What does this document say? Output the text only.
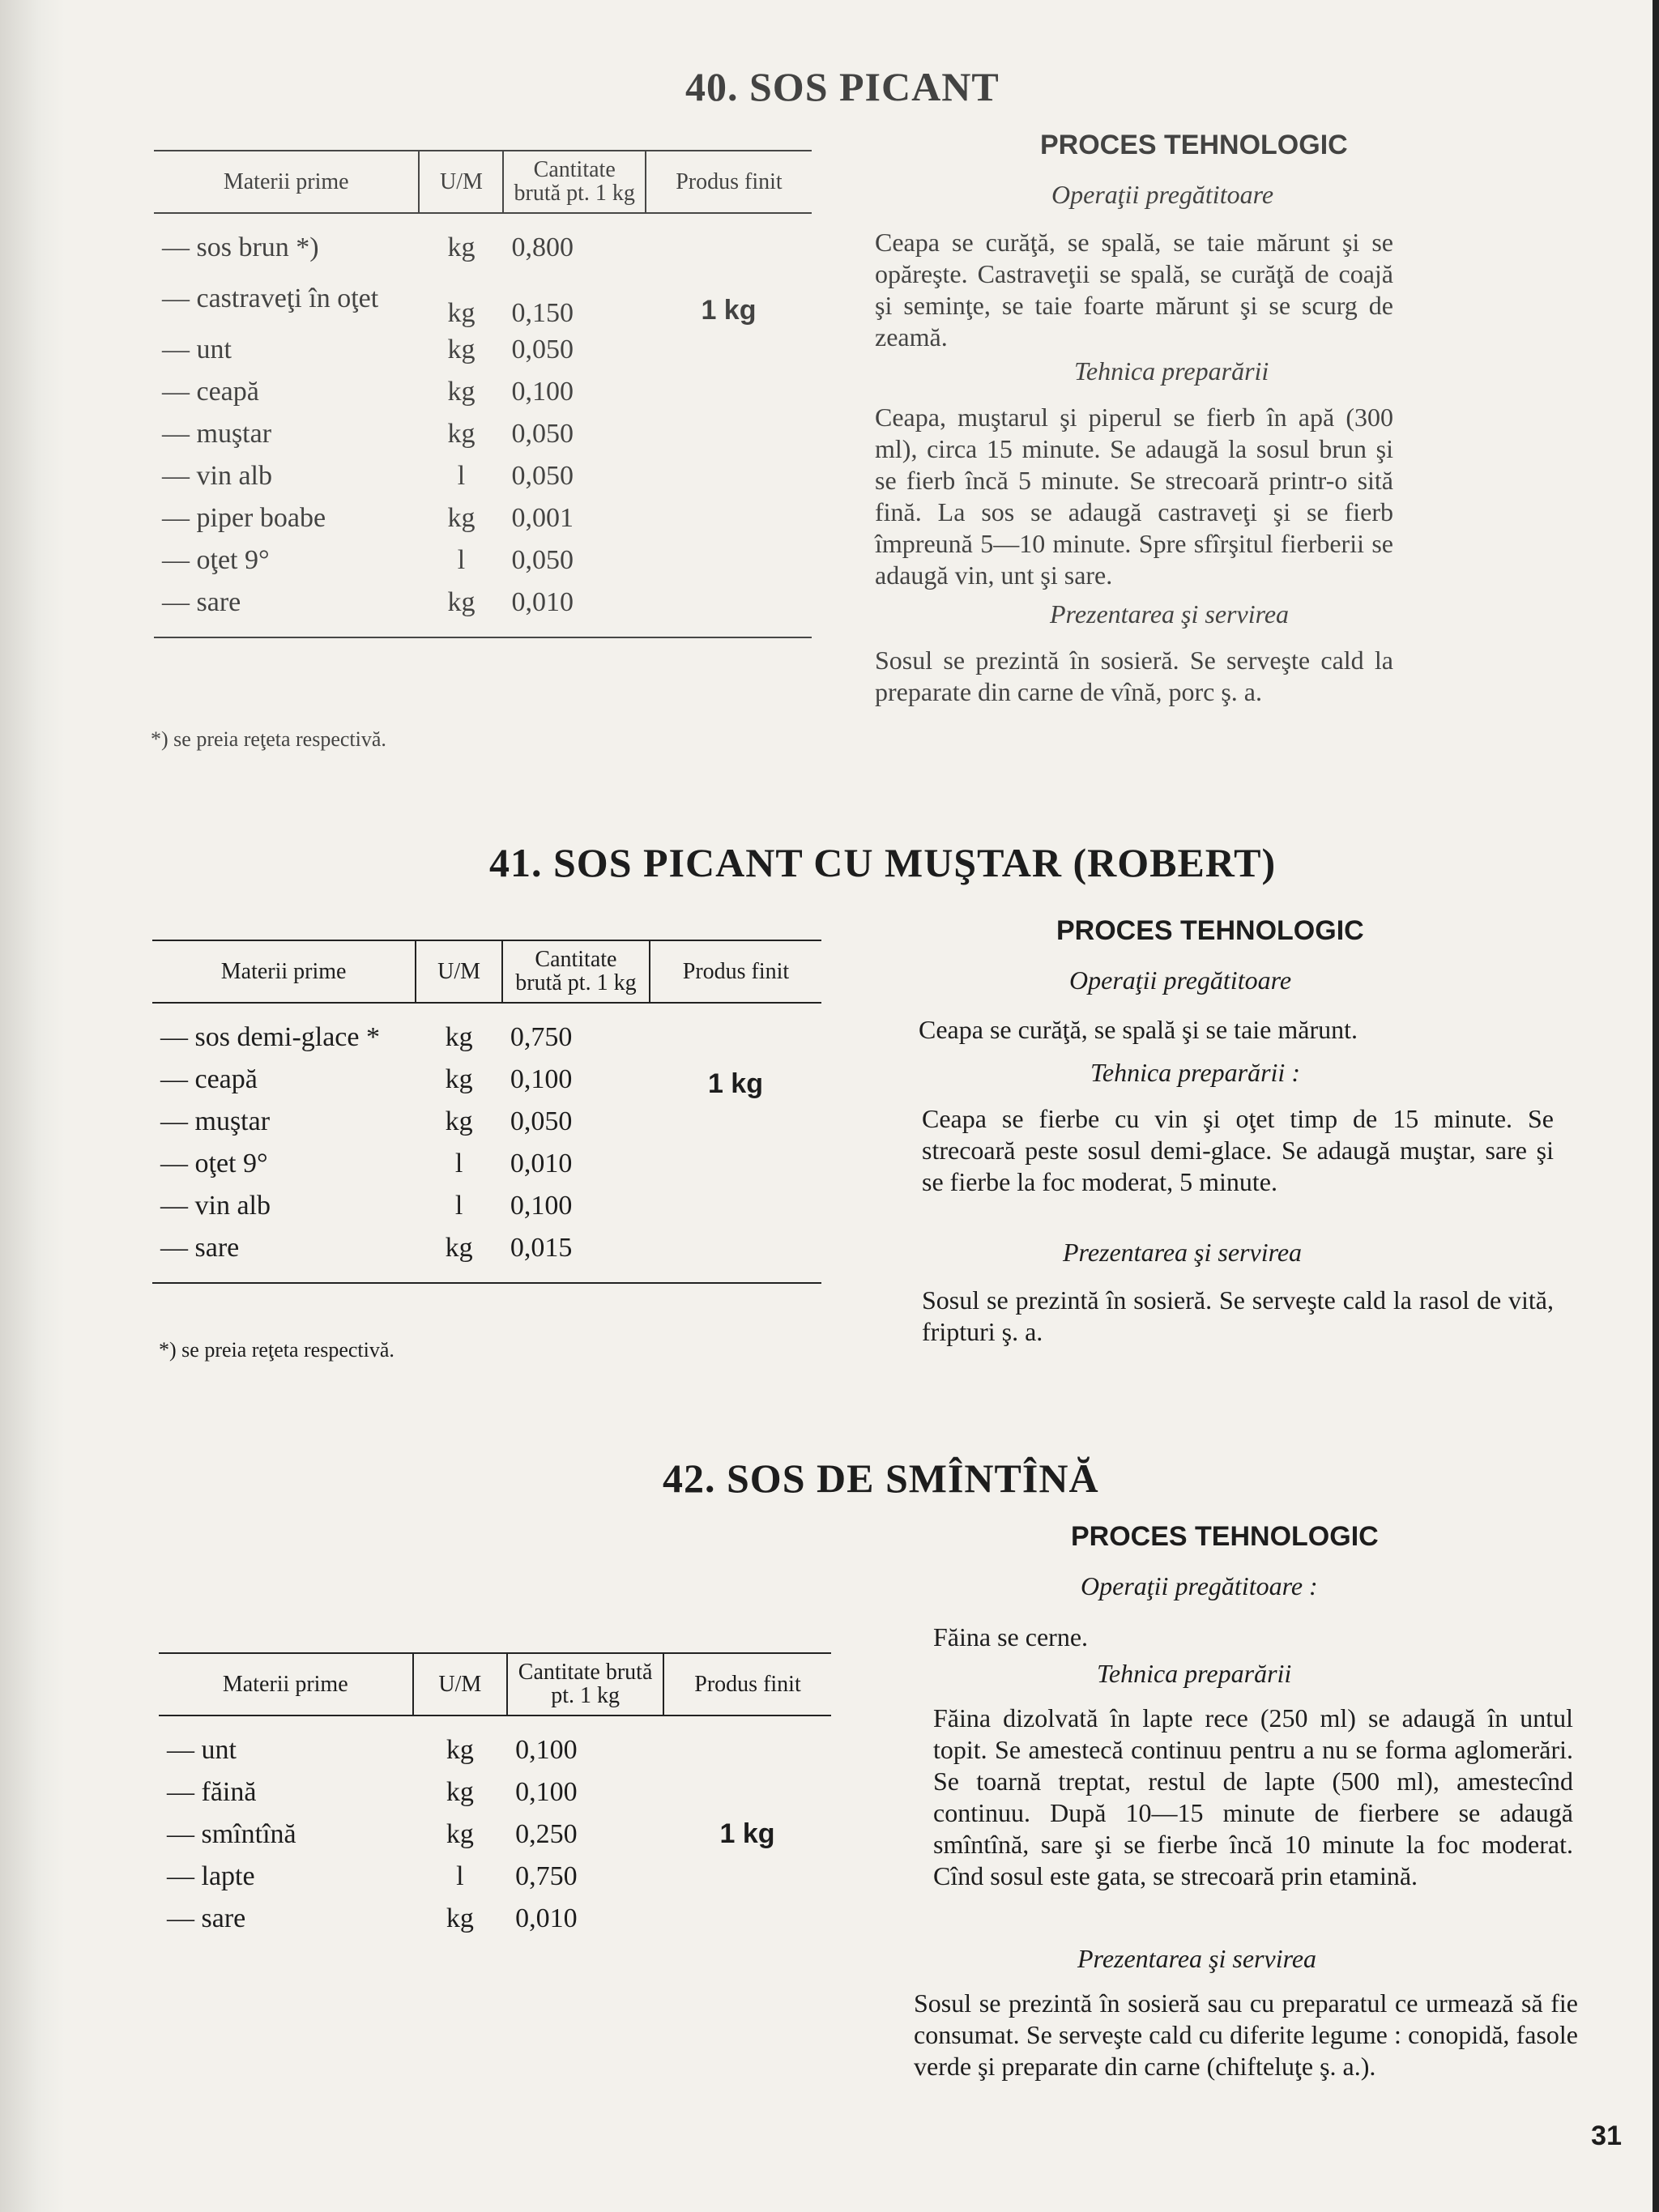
40. SOS PICANT
Materii prime	U/M	Cantitate brută pt. 1 kg	Produs finit
— sos brun *)	kg	0,800	1 kg
— castraveţi în oţet	kg	0,150	
— unt	kg	0,050	
— ceapă	kg	0,100	
— muştar	kg	0,050	
— vin alb	l	0,050	
— piper boabe	kg	0,001	
— oţet 9°	l	0,050	
— sare	kg	0,010	
*) se preia reţeta respectivă.
PROCES TEHNOLOGIC
Operaţii pregătitoare
Ceapa se curăţă, se spală, se taie mărunt şi se opăreşte. Castraveţii se spală, se curăţă de coajă şi seminţe, se taie foarte mărunt şi se scurg de zeamă.
Tehnica preparării
Ceapa, muştarul şi piperul se fierb în apă (300 ml), circa 15 minute. Se adaugă la sosul brun şi se fierb încă 5 minute. Se strecoară printr-o sită fină. La sos se adaugă castraveţi şi se fierb împreună 5—10 minute. Spre sfîrşitul fierberii se adaugă vin, unt şi sare.
Prezentarea şi servirea
Sosul se prezintă în sosieră. Se serveşte cald la preparate din carne de vînă, porc ş. a.
41. SOS PICANT CU MUŞTAR (ROBERT)
Materii prime	U/M	Cantitate brută pt. 1 kg	Produs finit
— sos demi-glace *	kg	0,750	1 kg
— ceapă	kg	0,100	
— muştar	kg	0,050	
— oţet 9°	l	0,010	
— vin alb	l	0,100	
— sare	kg	0,015	
*) se preia reţeta respectivă.
PROCES TEHNOLOGIC
Operaţii pregătitoare
Ceapa se curăţă, se spală şi se taie mărunt.
Tehnica preparării :
Ceapa se fierbe cu vin şi oţet timp de 15 minute. Se strecoară peste sosul demi-glace. Se adaugă muştar, sare şi se fierbe la foc moderat, 5 minute.
Prezentarea şi servirea
Sosul se prezintă în sosieră. Se serveşte cald la rasol de vită, fripturi ş. a.
42. SOS DE SMÎNTÎNĂ
Materii prime	U/M	Cantitate brută pt. 1 kg	Produs finit
— unt	kg	0,100	1 kg
— făină	kg	0,100	
— smîntînă	kg	0,250	
— lapte	l	0,750	
— sare	kg	0,010	
PROCES TEHNOLOGIC
Operaţii pregătitoare :
Făina se cerne.
Tehnica preparării
Făina dizolvată în lapte rece (250 ml) se adaugă în untul topit. Se amestecă continuu pentru a nu se forma aglomerări. Se toarnă treptat, restul de lapte (500 ml), amestecînd continuu. După 10—15 minute de fierbere se adaugă smîntînă, sare şi se fierbe încă 10 minute la foc moderat. Cînd sosul este gata, se strecoară prin etamină.
Prezentarea şi servirea
Sosul se prezintă în sosieră sau cu preparatul ce urmează să fie consumat. Se serveşte cald cu diferite legume : conopidă, fasole verde şi preparate din carne (chifteluţe ş. a.).
31
